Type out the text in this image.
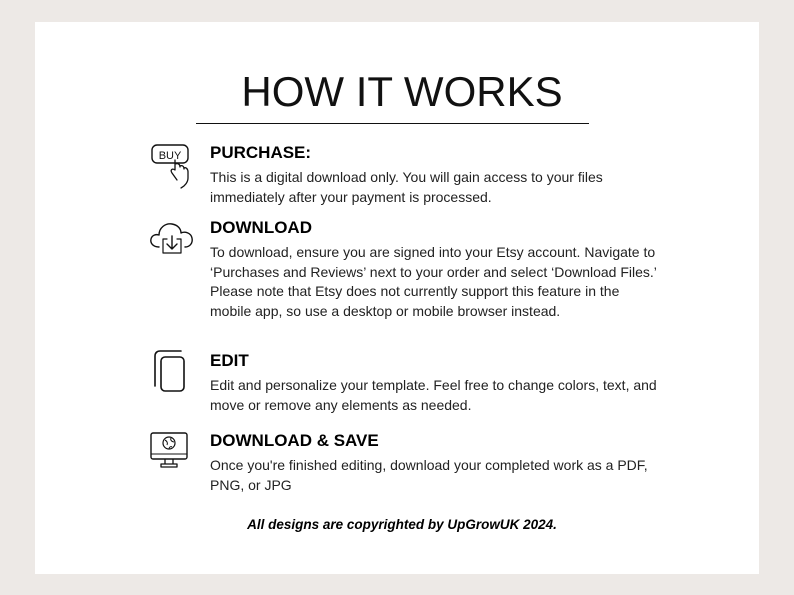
HOW IT WORKS
BUY PURCHASE:

This is a digital download only. You will gain access to your files immediately after your payment is processed.

DOWNLOAD

To download, ensure you are signed into your Etsy account. Navigate to ‘Purchases and Reviews’ next to your order and select ‘Download Files.’ Please note that Etsy does not currently support this feature in the mobile app, so use a desktop or mobile browser instead.

EDIT

Edit and personalize your template. Feel free to change colors, text, and move or remove any elements as needed.

DOWNLOAD & SAVE

Once you're finished editing, download your completed work as a PDF, PNG, or JPG

All designs are copyrighted by UpGrowUK 2024.
